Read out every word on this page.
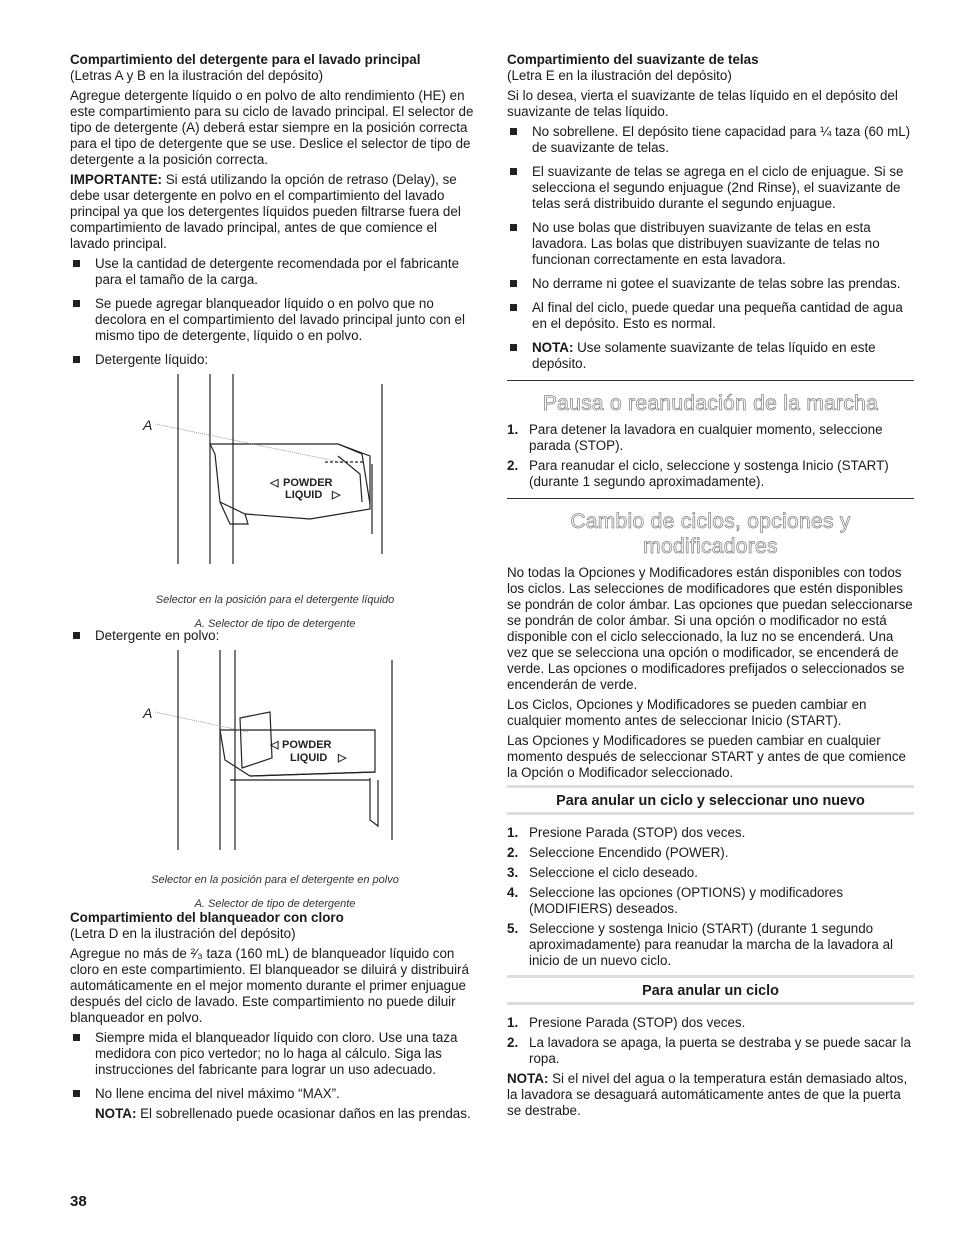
Compartimiento del detergente para el lavado principal

(Letras A y B en la ilustración del depósito)

Agregue detergente líquido o en polvo de alto rendimiento (HE) en este compartimiento para su ciclo de lavado principal. El selector de tipo de detergente (A) deberá estar siempre en la posición correcta para el tipo de detergente que se use. Deslice el selector de tipo de detergente a la posición correcta.

IMPORTANTE: Si está utilizando la opción de retraso (Delay), se debe usar detergente en polvo en el compartimiento del lavado principal ya que los detergentes líquidos pueden filtrarse fuera del compartimiento de lavado principal, antes de que comience el lavado principal.

Use la cantidad de detergente recomendada por el fabricante para el tamaño de la carga.
Se puede agregar blanqueador líquido o en polvo que no decolora en el compartimiento del lavado principal junto con el mismo tipo de detergente, líquido o en polvo.
Detergente líquido:
A
◁ POWDER
LIQUID ▷
Selector en la posición para el detergente líquido
A. Selector de tipo de detergente
Detergente en polvo:
A
◁ POWDER
LIQUID ▷
Selector en la posición para el detergente en polvo
A. Selector de tipo de detergente
Compartimiento del blanqueador con cloro

(Letra D en la ilustración del depósito)

Agregue no más de ²⁄₃ taza (160 mL) de blanqueador líquido con cloro en este compartimiento. El blanqueador se diluirá y distribuirá automáticamente en el mejor momento durante el primer enjuague después del ciclo de lavado. Este compartimiento no puede diluir blanqueador en polvo.

Siempre mida el blanqueador líquido con cloro. Use una taza medidora con pico vertedor; no lo haga al cálculo. Siga las instrucciones del fabricante para lograr un uso adecuado.
No llene encima del nivel máximo “MAX”.

NOTA: El sobrellenado puede ocasionar daños en las prendas.

Compartimiento del suavizante de telas

(Letra E en la ilustración del depósito)

Si lo desea, vierta el suavizante de telas líquido en el depósito del suavizante de telas líquido.

No sobrellene. El depósito tiene capacidad para ¼ taza (60 mL) de suavizante de telas.
El suavizante de telas se agrega en el ciclo de enjuague. Si se selecciona el segundo enjuague (2nd Rinse), el suavizante de telas será distribuido durante el segundo enjuague.
No use bolas que distribuyen suavizante de telas en esta lavadora. Las bolas que distribuyen suavizante de telas no funcionan correctamente en esta lavadora.
No derrame ni gotee el suavizante de telas sobre las prendas.
Al final del ciclo, puede quedar una pequeña cantidad de agua en el depósito. Esto es normal.
NOTA: Use solamente suavizante de telas líquido en este depósito.
Pausa o reanudación de la marcha
1. Para detener la lavadora en cualquier momento, seleccione parada (STOP).
2. Para reanudar el ciclo, seleccione y sostenga Inicio (START) (durante 1 segundo aproximadamente).
Cambio de ciclos, opciones y
modificadores

No todas la Opciones y Modificadores están disponibles con todos los ciclos. Las selecciones de modificadores que estén disponibles se pondrán de color ámbar. Las opciones que puedan seleccionarse se pondrán de color ámbar. Si una opción o modificador no está disponible con el ciclo seleccionado, la luz no se encenderá. Una vez que se selecciona una opción o modificador, se encenderá de verde. Las opciones o modificadores prefijados o seleccionados se encenderán de verde.

Los Ciclos, Opciones y Modificadores se pueden cambiar en cualquier momento antes de seleccionar Inicio (START).

Las Opciones y Modificadores se pueden cambiar en cualquier momento después de seleccionar START y antes de que comience la Opción o Modificador seleccionado.

Para anular un ciclo y seleccionar uno nuevo
1. Presione Parada (STOP) dos veces.
2. Seleccione Encendido (POWER).
3. Seleccione el ciclo deseado.
4. Seleccione las opciones (OPTIONS) y modificadores (MODIFIERS) deseados.
5. Seleccione y sostenga Inicio (START) (durante 1 segundo aproximadamente) para reanudar la marcha de la lavadora al inicio de un nuevo ciclo.
Para anular un ciclo
1. Presione Parada (STOP) dos veces.
2. La lavadora se apaga, la puerta se destraba y se puede sacar la ropa.

NOTA: Si el nivel del agua o la temperatura están demasiado altos, la lavadora se desaguará automáticamente antes de que la puerta se destrabe.

38
